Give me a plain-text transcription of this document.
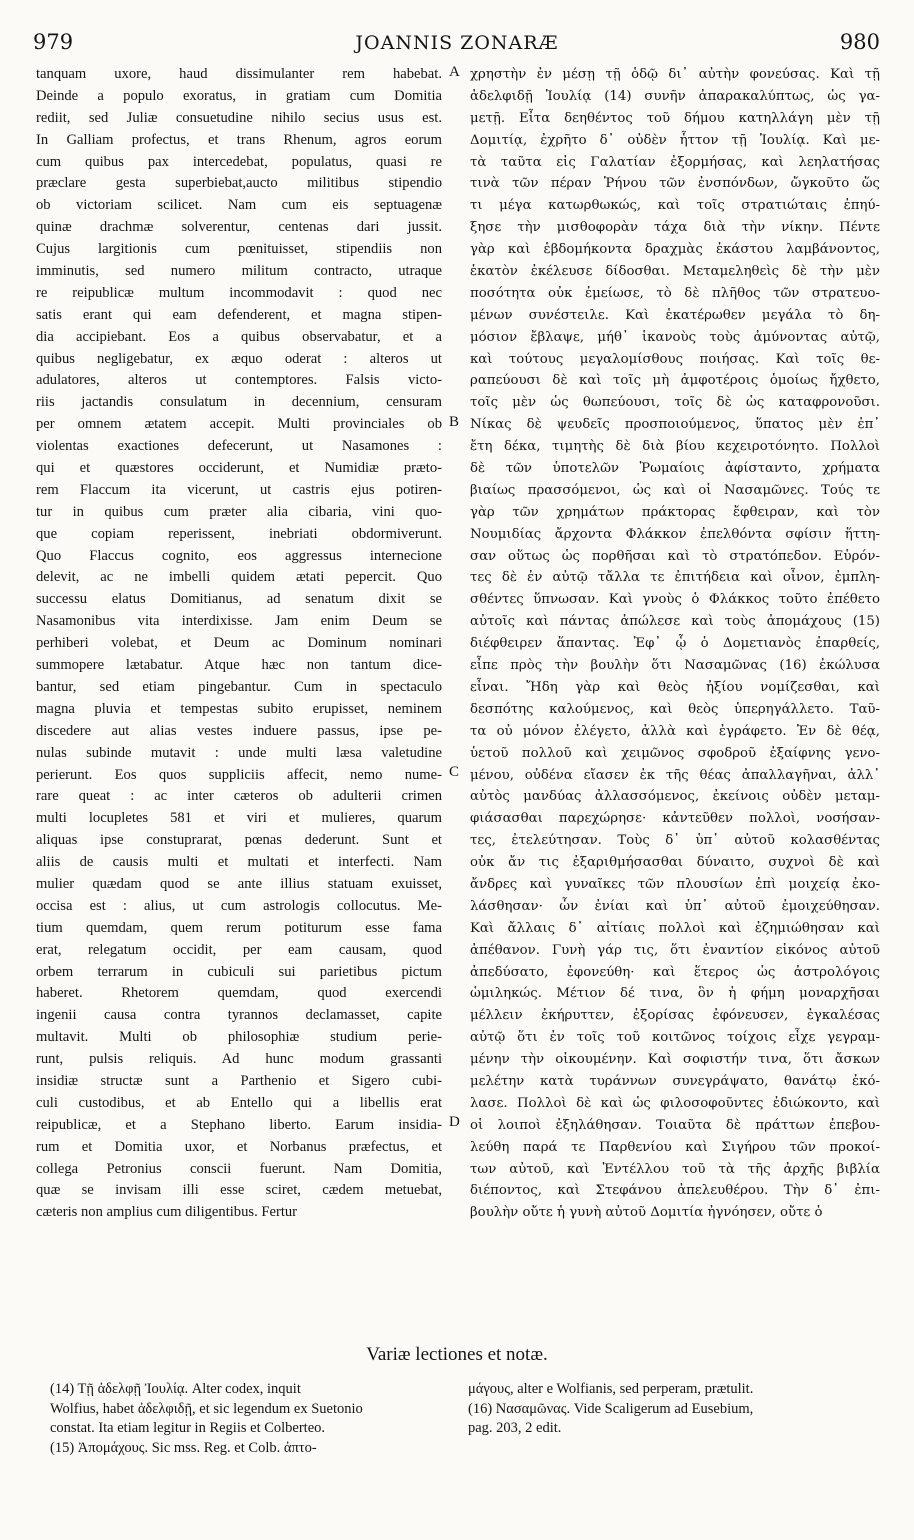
979	JOANNIS ZONARÆ	980
tanquam uxore, haud dissimulanter rem habebat.
Deinde a populo exoratus, in gratiam cum Domitia
rediit, sed Juliæ consuetudine nihilo secius usus est.
In Galliam profectus, et trans Rhenum, agros eorum
cum quibus pax intercedebat, populatus, quasi re
præclare gesta superbiebat,aucto militibus stipendio
ob victoriam scilicet. Nam cum eis septuagenæ
quinæ drachmæ solverentur, centenas dari jussit.
Cujus largitionis cum pœnituisset, stipendiis non
imminutis, sed numero militum contracto, utraque
re reipublicæ multum incommodavit : quod nec
satis erant qui eam defenderent, et magna stipen-
dia accipiebant. Eos a quibus observabatur, et a
quibus negligebatur, ex æquo oderat : alteros ut
adulatores, alteros ut contemptores. Falsis victo-
riis jactandis consulatum in decennium, censuram
per omnem ætatem accepit. Multi provinciales ob
violentas exactiones defecerunt, ut Nasamones :
qui et quæstores occiderunt, et Numidiæ præto-
rem Flaccum ita vicerunt, ut castris ejus potiren-
tur in quibus cum præter alia cibaria, vini quo-
que copiam reperissent, inebriati obdormiverunt.
Quo Flaccus cognito, eos aggressus internecione
delevit, ac ne imbelli quidem ætati pepercit. Quo
successu elatus Domitianus, ad senatum dixit se
Nasamonibus vita interdixisse. Jam enim Deum se
perhiberi volebat, et Deum ac Dominum nominari
summopere lætabatur. Atque hæc non tantum dice-
bantur, sed etiam pingebantur. Cum in spectaculo
magna pluvia et tempestas subito erupisset, neminem
discedere aut alias vestes induere passus, ipse pe-
nulas subinde mutavit : unde multi læsa valetudine
perierunt. Eos quos suppliciis affecit, nemo nume-
rare queat : ac inter cæteros ob adulterii crimen
multi locupletes 581 et viri et mulieres, quarum
aliquas ipse constuprarat, pœnas dederunt. Sunt et
aliis de causis multi et multati et interfecti. Nam
mulier quædam quod se ante illius statuam exuisset,
occisa est : alius, ut cum astrologis collocutus. Me-
tium quemdam, quem rerum potiturum esse fama
erat, relegatum occidit, per eam causam, quod
orbem terrarum in cubiculi sui parietibus pictum
haberet. Rhetorem quemdam, quod exercendi
ingenii causa contra tyrannos declamasset, capite
multavit. Multi ob philosophiæ studium perie-
runt, pulsis reliquis. Ad hunc modum grassanti
insidiæ structæ sunt a Parthenio et Sigero cubi-
culi custodibus, et ab Entello qui a libellis erat
reipublicæ, et a Stephano liberto. Earum insidia-
rum et Domitia uxor, et Norbanus præfectus, et
collega Petronius conscii fuerunt. Nam Domitia,
quæ se invisam illi esse sciret, cædem metuebat,
cæteris non amplius cum diligentibus. Fertur
A
B
C
D
χρηστὴν ἐν μέσῃ τῇ ὁδῷ δι᾽ αὐτὴν φονεύσας. Καὶ τῇ
ἀδελφιδῇ Ἰουλίᾳ (14) συνῆν ἀπαρακαλύπτως, ὡς γα-
μετῇ. Εἶτα δεηθέντος τοῦ δήμου κατηλλάγη μὲν τῇ
Δομιτίᾳ, ἐχρῆτο δ᾽ οὐδὲν ἧττον τῇ Ἰουλίᾳ. Καὶ με-
τὰ ταῦτα εἰς Γαλατίαν ἐξορμήσας, καὶ λεηλατήσας
τινὰ τῶν πέραν Ῥήνου τῶν ἐνσπόνδων, ὤγκοῦτο ὥς
τι μέγα κατωρθωκώς, καὶ τοῖς στρατιώταις ἐπηύ-
ξησε τὴν μισθοφορὰν τάχα διὰ τὴν νίκην. Πέντε
γὰρ καὶ ἑβδομήκοντα δραχμὰς ἑκάστου λαμβάνοντος,
ἑκατὸν ἐκέλευσε δίδοσθαι. Μεταμεληθεὶς δὲ τὴν μὲν
ποσότητα οὐκ ἐμείωσε, τὸ δὲ πλῆθος τῶν στρατευο-
μένων συνέστειλε. Καὶ ἑκατέρωθεν μεγάλα τὸ δη-
μόσιον ἔβλαψε, μήθ᾽ ἱκανοὺς τοὺς ἀμύνοντας αὐτῷ,
καὶ τούτους μεγαλομίσθους ποιήσας. Καὶ τοῖς θε-
ραπεύουσι δὲ καὶ τοῖς μὴ ἀμφοτέροις ὁμοίως ἤχθετο,
τοῖς μὲν ὡς θωπεύουσι, τοῖς δὲ ὡς καταφρονοῦσι.
Νίκας δὲ ψευδεῖς προσποιούμενος, ὕπατος μὲν ἐπ᾽
ἔτη δέκα, τιμητὴς δὲ διὰ βίου κεχειροτόνητο. Πολλοὶ
δὲ τῶν ὑποτελῶν Ῥωμαίοις ἀφίσταντο, χρήματα
βιαίως πρασσόμενοι, ὡς καὶ οἱ Νασαμῶνες. Τούς τε
γὰρ τῶν χρημάτων πράκτορας ἔφθειραν, καὶ τὸν
Νουμιδίας ἄρχοντα Φλάκκον ἐπελθόντα σφίσιν ἥττη-
σαν οὕτως ὡς πορθῆσαι καὶ τὸ στρατόπεδον. Εὑρόν-
τες δὲ ἐν αὐτῷ τἄλλα τε ἐπιτήδεια καὶ οἶνον, ἐμπλη-
σθέντες ὕπνωσαν. Καὶ γνοὺς ὁ Φλάκκος τοῦτο ἐπέθετο
αὐτοῖς καὶ πάντας ἀπώλεσε καὶ τοὺς ἀπομάχους (15)
διέφθειρεν ἅπαντας. Ἐφ᾽ ᾧ ὁ Δομετιανὸς ἐπαρθείς,
εἶπε πρὸς τὴν βουλὴν ὅτι Νασαμῶνας (16) ἐκώλυσα
εἶναι. Ἤδη γὰρ καὶ θεὸς ἠξίου νομίζεσθαι, καὶ
δεσπότης καλούμενος, καὶ θεὸς ὑπερηγάλλετο. Ταῦ-
τα οὐ μόνον ἐλέγετο, ἀλλὰ καὶ ἐγράφετο. Ἐν δὲ θέᾳ,
ὑετοῦ πολλοῦ καὶ χειμῶνος σφοδροῦ ἐξαίφνης γενο-
μένου, οὐδένα εἴασεν ἐκ τῆς θέας ἀπαλλαγῆναι, ἀλλ᾽
αὐτὸς μανδύας ἀλλασσόμενος, ἐκείνοις οὐδὲν μεταμ-
φιάσασθαι παρεχώρησε· κἀντεῦθεν πολλοὶ, νοσήσαν-
τες, ἐτελεύτησαν. Τοὺς δ᾽ ὑπ᾽ αὐτοῦ κολασθέντας
οὐκ ἄν τις ἐξαριθμήσασθαι δύναιτο, συχνοὶ δὲ καὶ
ἄνδρες καὶ γυναῖκες τῶν πλουσίων ἐπὶ μοιχείᾳ ἐκο-
λάσθησαν· ὧν ἐνίαι καὶ ὑπ᾽ αὐτοῦ ἐμοιχεύθησαν.
Καὶ ἄλλαις δ᾽ αἰτίαις πολλοὶ καὶ ἐζημιώθησαν καὶ
ἀπέθανον. Γυνὴ γάρ τις, ὅτι ἐναντίον εἰκόνος αὐτοῦ
ἀπεδύσατο, ἐφονεύθη· καὶ ἕτερος ὡς ἀστρολόγοις
ὡμιληκώς. Μέτιον δέ τινα, ὃν ἡ φήμη μοναρχῆσαι
μέλλειν ἐκήρυττεν, ἐξορίσας ἐφόνευσεν, ἐγκαλέσας
αὐτῷ ὅτι ἐν τοῖς τοῦ κοιτῶνος τοίχοις εἶχε γεγραμ-
μένην τὴν οἰκουμένην. Καὶ σοφιστήν τινα, ὅτι ἄσκων
μελέτην κατὰ τυράννων συνεγράψατο, θανάτῳ ἐκό-
λασε. Πολλοὶ δὲ καὶ ὡς φιλοσοφοῦντες ἐδιώκοντο, καὶ
οἱ λοιποὶ ἐξηλάθησαν. Τοιαῦτα δὲ πράττων ἐπεβου-
λεύθη παρά τε Παρθενίου καὶ Σιγήρου τῶν προκοί-
των αὐτοῦ, καὶ Ἐντέλλου τοῦ τὰ τῆς ἀρχῆς βιβλία
διέποντος, καὶ Στεφάνου ἀπελευθέρου. Τὴν δ᾽ ἐπι-
βουλὴν οὔτε ἡ γυνὴ αὐτοῦ Δομιτία ἠγνόησεν, οὔτε ὁ
Variæ lectiones et notæ.
(14) Τῇ ἀδελφῇ Ἰουλίᾳ. Alter codex, inquit
Wolfius, habet ἀδελφιδῇ, et sic legendum ex Suetonio
constat. Ita etiam legitur in Regiis et Colberteo.
(15) Ἀπομάχους. Sic mss. Reg. et Colb. ἀπτο-
μάγους, alter e Wolfianis, sed perperam, prætulit.
(16) Νασαμῶνας. Vide Scaligerum ad Eusebium,
pag. 203, 2 edit.
